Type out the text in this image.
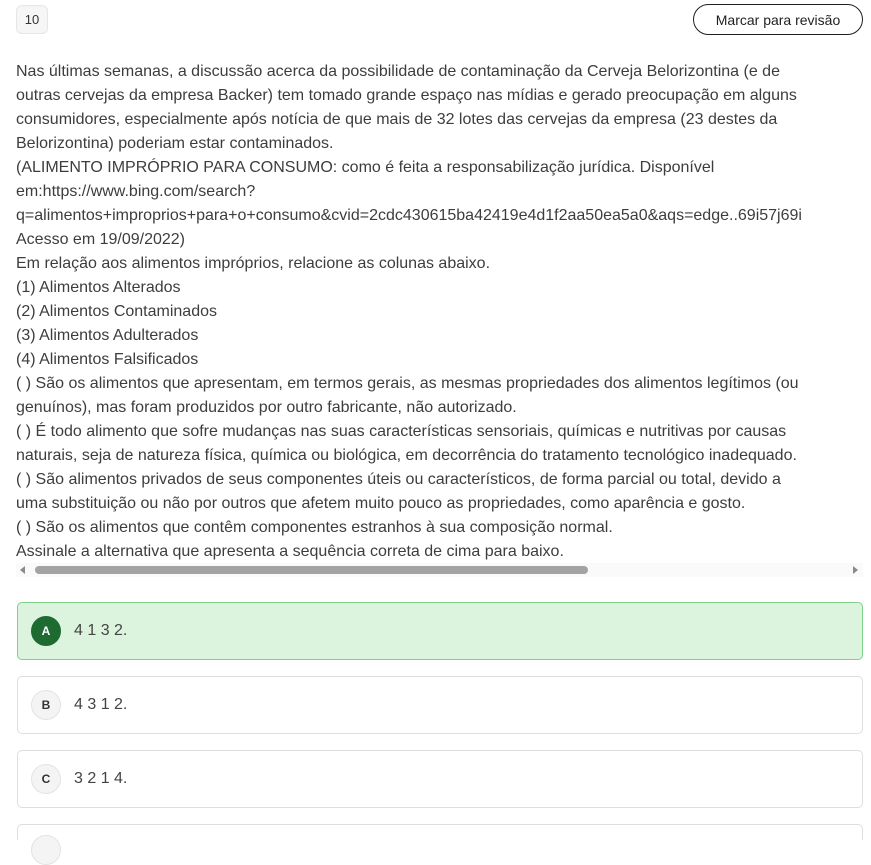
10	Marcar para revisão

Nas últimas semanas, a discussão acerca da possibilidade de contaminação da Cerveja Belorizontina (e de

outras cervejas da empresa Backer) tem tomado grande espaço nas mídias e gerado preocupação em alguns

consumidores, especialmente após notícia de que mais de 32 lotes das cervejas da empresa (23 destes da

Belorizontina) poderiam estar contaminados.

(ALIMENTO IMPRÓPRIO PARA CONSUMO: como é feita a responsabilização jurídica. Disponível

em:https://www.bing.com/search?

q=alimentos+improprios+para+o+consumo&cvid=2cdc430615ba42419e4d1f2aa50ea5a0&aqs=edge..69i57j69i

Acesso em 19/09/2022)

Em relação aos alimentos impróprios, relacione as colunas abaixo.

(1) Alimentos Alterados

(2) Alimentos Contaminados

(3) Alimentos Adulterados

(4) Alimentos Falsificados

( ) São os alimentos que apresentam, em termos gerais, as mesmas propriedades dos alimentos legítimos (ou

genuínos), mas foram produzidos por outro fabricante, não autorizado.

( ) É todo alimento que sofre mudanças nas suas características sensoriais, químicas e nutritivas por causas

naturais, seja de natureza física, química ou biológica, em decorrência do tratamento tecnológico inadequado.

( ) São alimentos privados de seus componentes úteis ou característicos, de forma parcial ou total, devido a

uma substituição ou não por outros que afetem muito pouco as propriedades, como aparência e gosto.

( ) São os alimentos que contêm componentes estranhos à sua composição normal.

Assinale a alternativa que apresenta a sequência correta de cima para baixo.

A	4 1 3 2.
B	4 3 1 2.
C	3 2 1 4.
